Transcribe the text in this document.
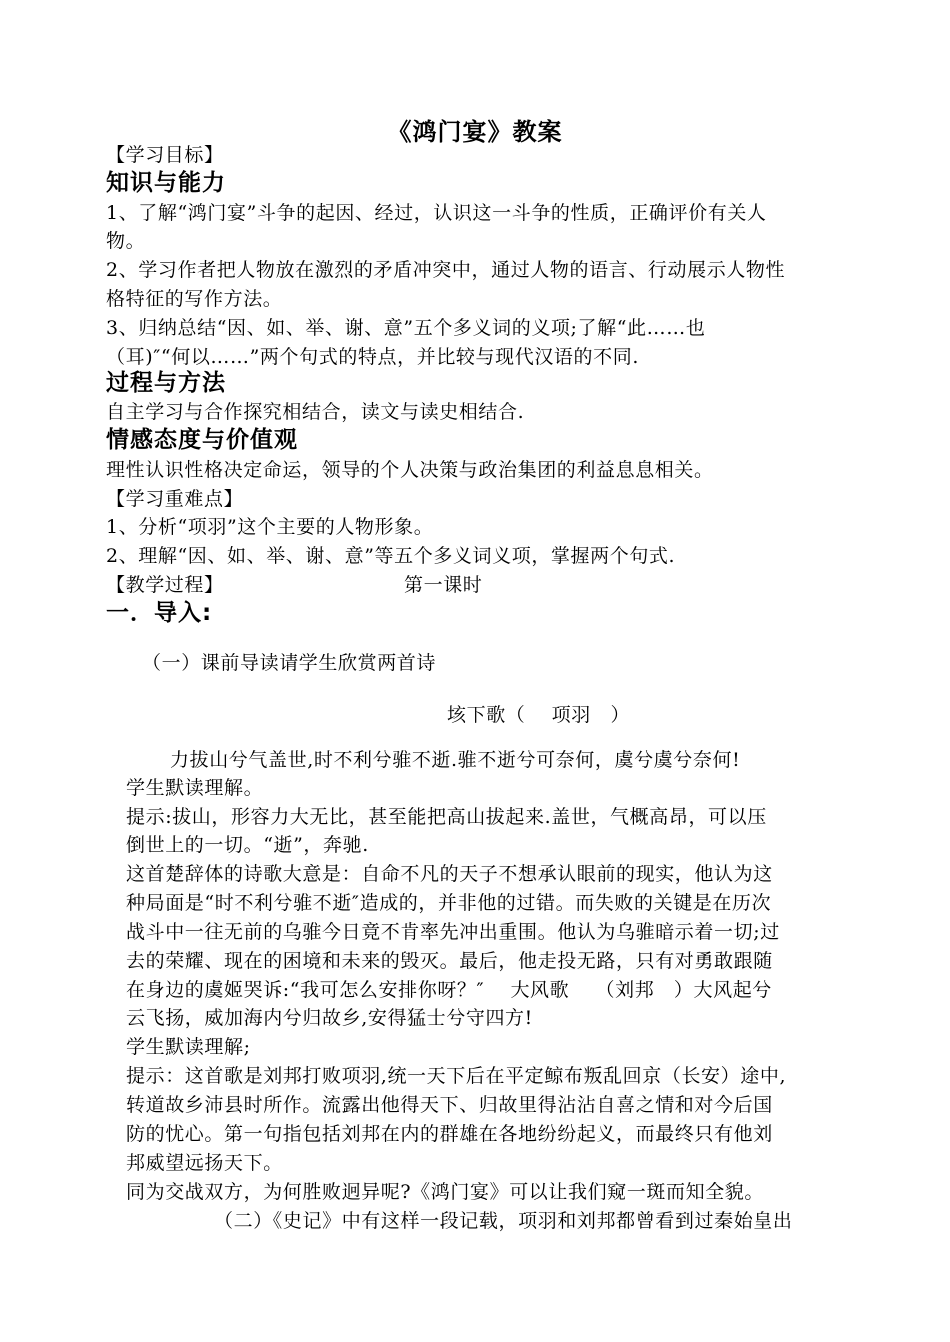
《鸿门宴》教案
【学习目标】
知识与能力
1、了解“鸿门宴”斗争的起因、经过，认识这一斗争的性质，正确评价有关人
物。
2、学习作者把人物放在激烈的矛盾冲突中，通过人物的语言、行动展示人物性
格特征的写作方法。
3、归纳总结“因、如、举、谢、意”五个多义词的义项;了解“此……也
（耳)″“何以……”两个句式的特点，并比较与现代汉语的不同.
过程与方法
自主学习与合作探究相结合，读文与读史相结合.
情感态度与价值观
理性认识性格决定命运，领导的个人决策与政治集团的利益息息相关。
【学习重难点】
1、分析“项羽”这个主要的人物形象。
2、理解“因、如、举、谢、意”等五个多义词义项，掌握两个句式.
【教学过程】	第一课时
一．导入:
（一）课前导读请学生欣赏两首诗
垓下歌（　 项羽　）
力拔山兮气盖世,时不利兮骓不逝.骓不逝兮可奈何，虞兮虞兮奈何!
学生默读理解。
提示:拔山，形容力大无比，甚至能把高山拔起来.盖世，气概高昂，可以压
倒世上的一切。“逝”，奔驰.
这首楚辞体的诗歌大意是：自命不凡的天子不想承认眼前的现实，他认为这
种局面是“时不利兮骓不逝″造成的，并非他的过错。而失败的关键是在历次
战斗中一往无前的乌骓今日竟不肯率先冲出重围。他认为乌骓暗示着一切;过
去的荣耀、现在的困境和未来的毁灭。最后，他走投无路，只有对勇敢跟随
在身边的虞姬哭诉:“我可怎么安排你呀？″　 大风歌　 （刘邦　）大风起兮
云飞扬，威加海内兮归故乡,安得猛士兮守四方!
学生默读理解;
提示：这首歌是刘邦打败项羽,统一天下后在平定鲸布叛乱回京（长安）途中,
转道故乡沛县时所作。流露出他得天下、归故里得沾沾自喜之情和对今后国
防的忧心。第一句指包括刘邦在内的群雄在各地纷纷起义，而最终只有他刘
邦威望远扬天下。
同为交战双方，为何胜败迥异呢?《鸿门宴》可以让我们窥一斑而知全貌。
（二）《史记》中有这样一段记载，项羽和刘邦都曾看到过秦始皇出
